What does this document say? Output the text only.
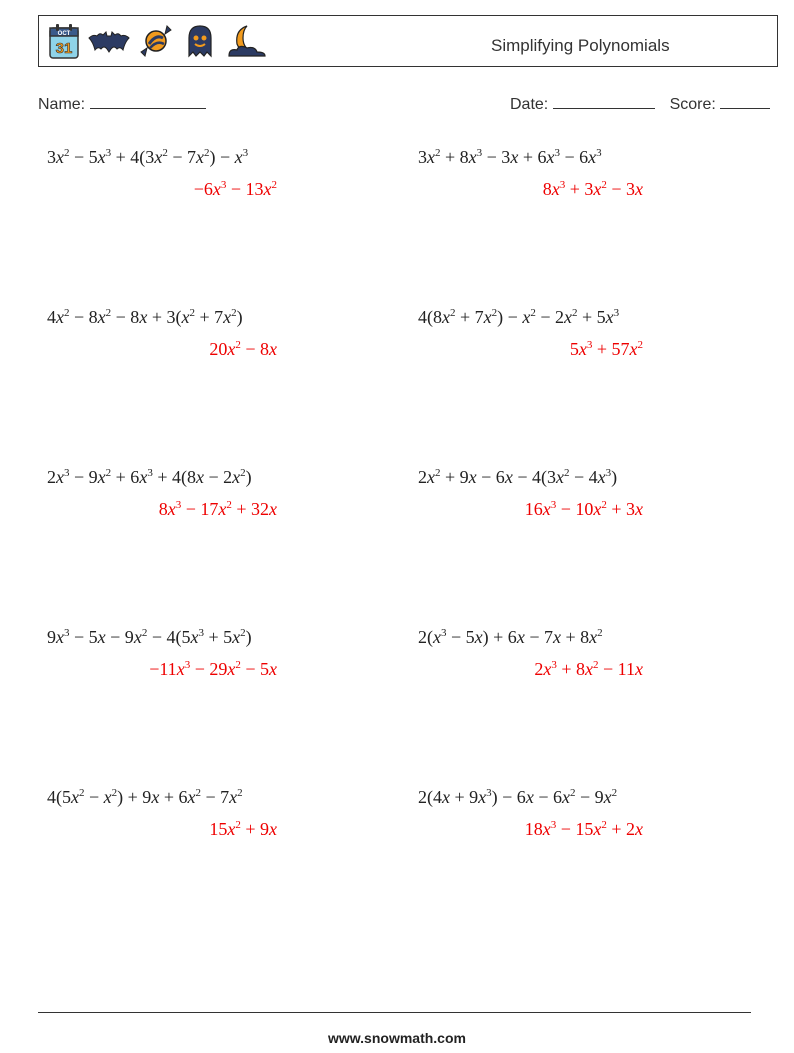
OCT
31	Simplifying Polynomials
Name:	Date:	Score:
$3x^2 - 5x^3 + 4(3x^2 - 7x^2) - x^3$
$-6x^3 - 13x^2$
$3x^2 + 8x^3 - 3x + 6x^3 - 6x^3$
$8x^3 + 3x^2 - 3x$
$4x^2 - 8x^2 - 8x + 3(x^2 + 7x^2)$
$20x^2 - 8x$
$4(8x^2 + 7x^2) - x^2 - 2x^2 + 5x^3$
$5x^3 + 57x^2$
$2x^3 - 9x^2 + 6x^3 + 4(8x - 2x^2)$
$8x^3 - 17x^2 + 32x$
$2x^2 + 9x - 6x - 4(3x^2 - 4x^3)$
$16x^3 - 10x^2 + 3x$
$9x^3 - 5x - 9x^2 - 4(5x^3 + 5x^2)$
$-11x^3 - 29x^2 - 5x$
$2(x^3 - 5x) + 6x - 7x + 8x^2$
$2x^3 + 8x^2 - 11x$
$4(5x^2 - x^2) + 9x + 6x^2 - 7x^2$
$15x^2 + 9x$
$2(4x + 9x^3) - 6x - 6x^2 - 9x^2$
$18x^3 - 15x^2 + 2x$
www.snowmath.com
